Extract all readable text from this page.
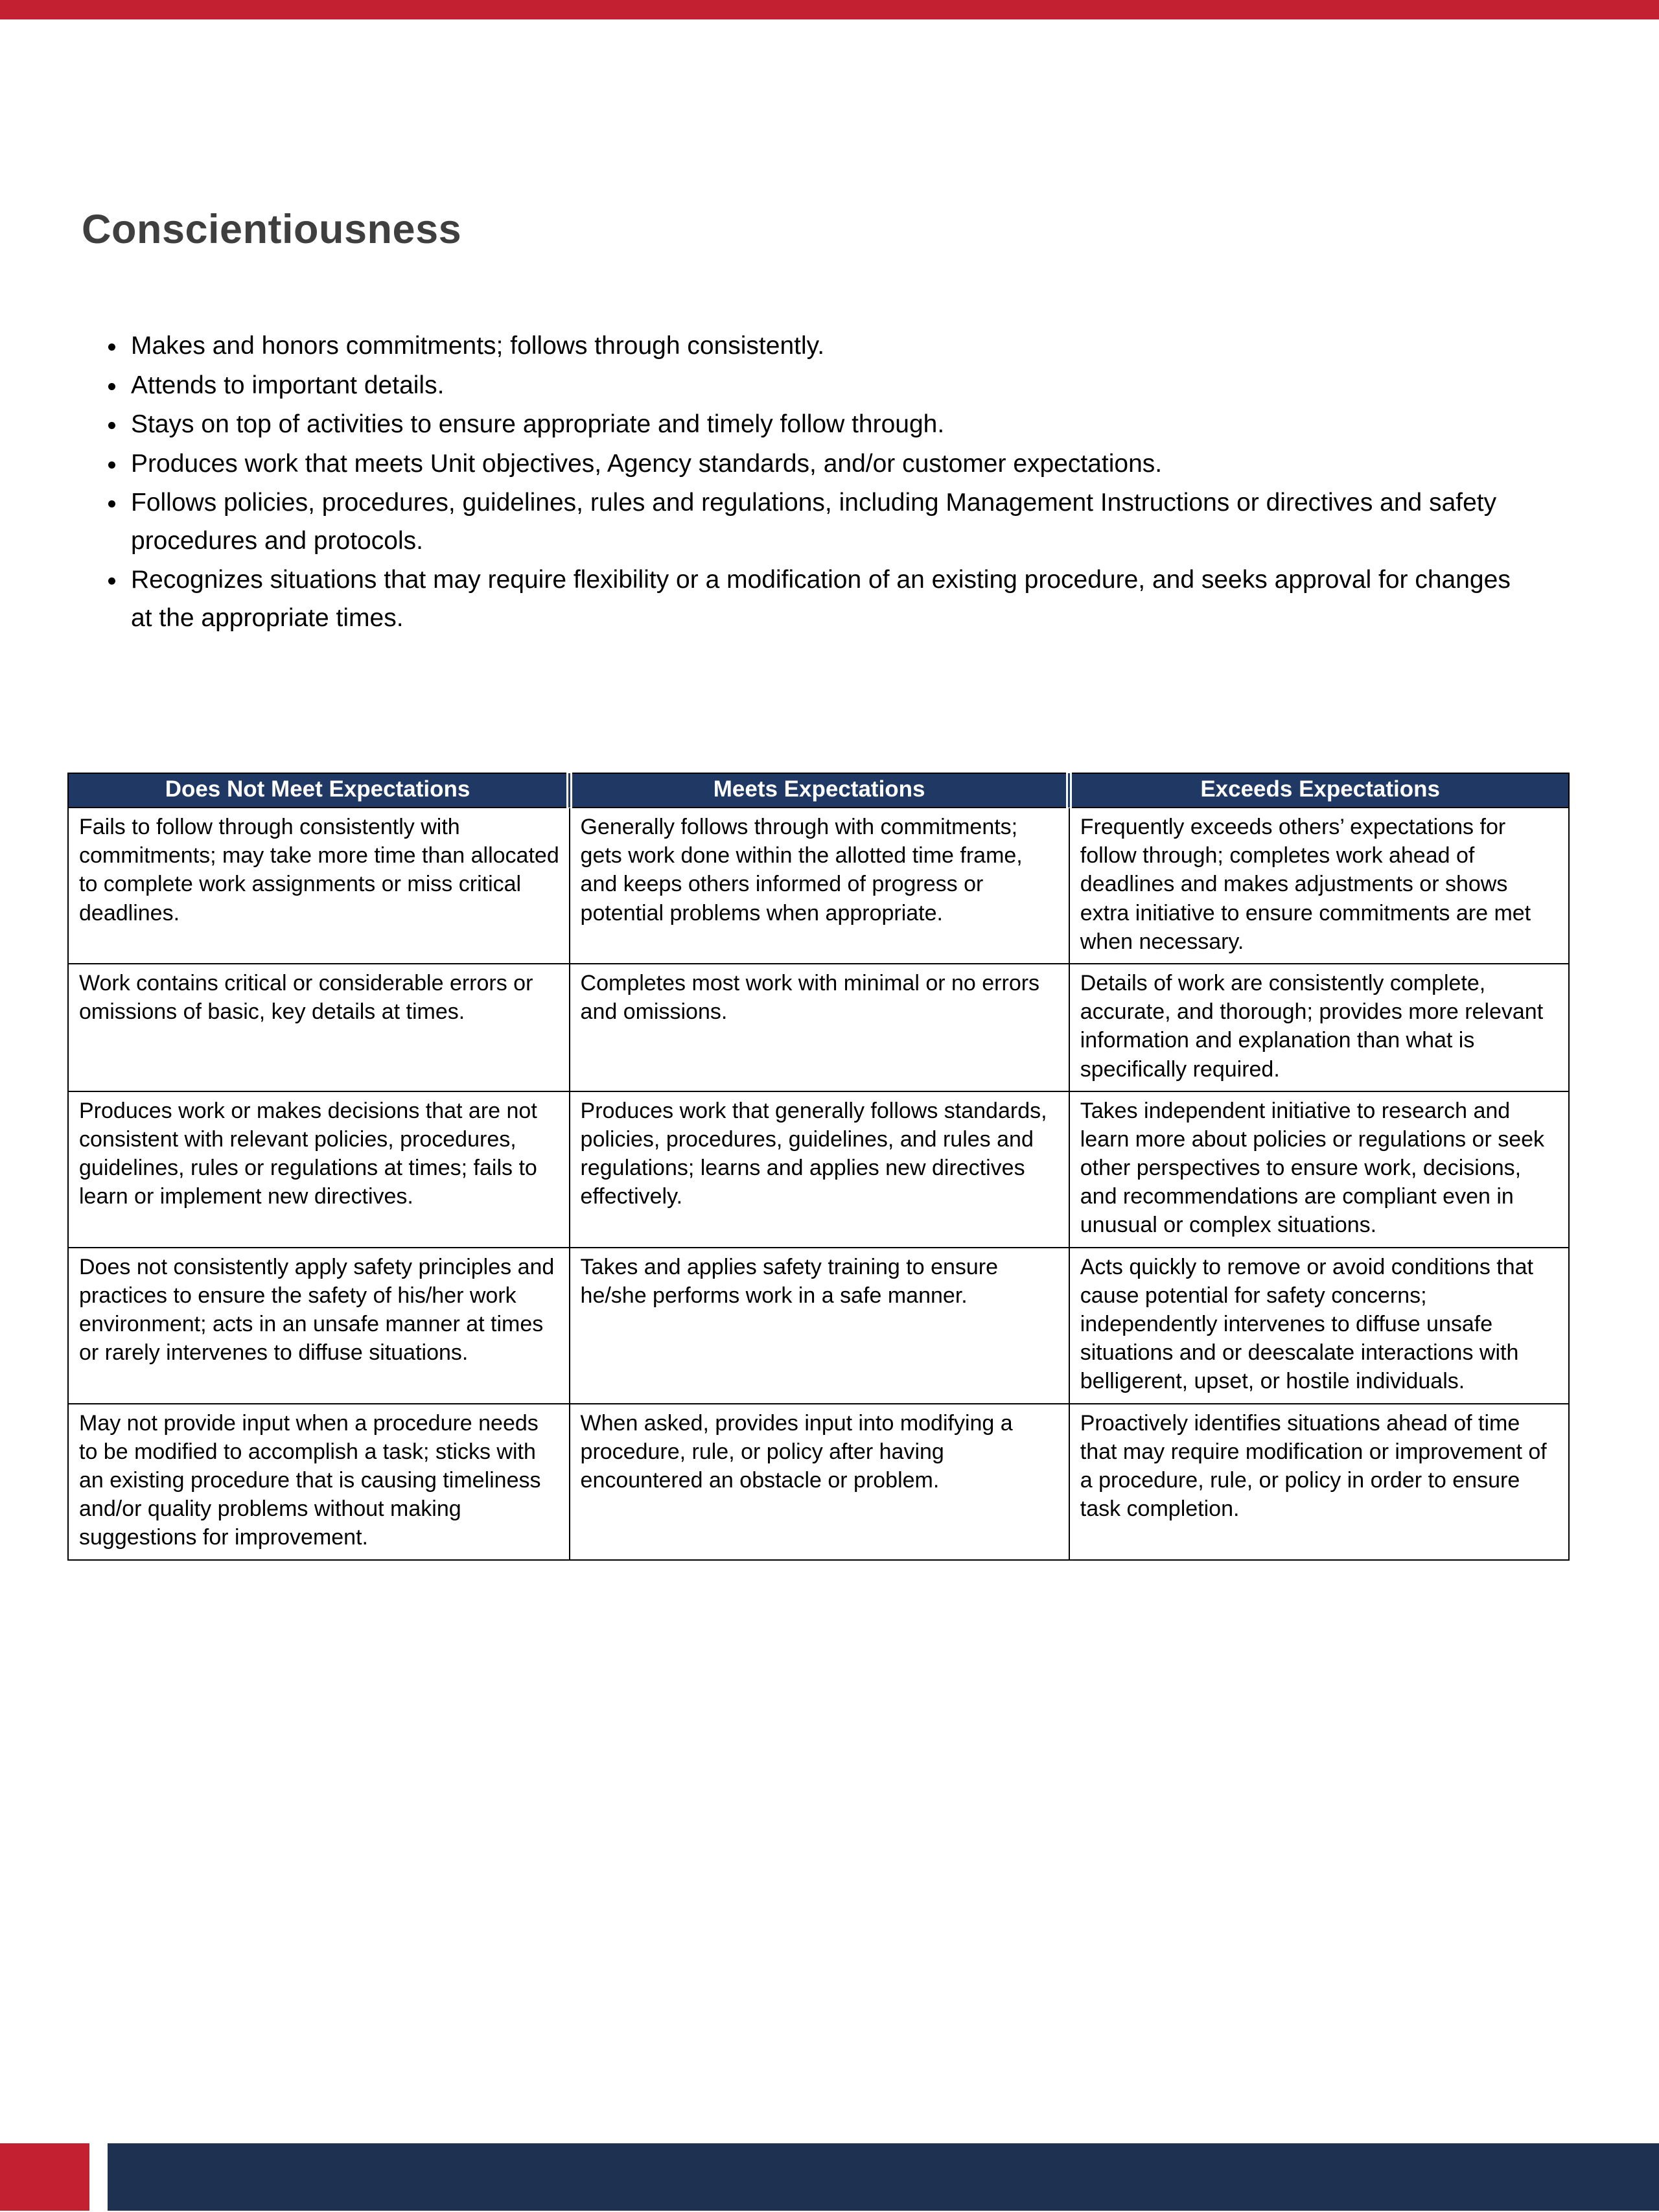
Conscientiousness
• Makes and honors commitments; follows through consistently.
• Attends to important details.
• Stays on top of activities to ensure appropriate and timely follow through.
• Produces work that meets Unit objectives, Agency standards, and/or customer expectations.
• Follows policies, procedures, guidelines, rules and regulations, including Management Instructions or directives and safety procedures and protocols.
• Recognizes situations that may require flexibility or a modification of an existing procedure, and seeks approval for changes at the appropriate times.
Does Not Meet Expectations	Meets Expectations	Exceeds Expectations
Fails to follow through consistently with commitments; may take more time than allocated to complete work assignments or miss critical deadlines.	Generally follows through with commitments; gets work done within the allotted time frame, and keeps others informed of progress or potential problems when appropriate.	Frequently exceeds others’ expectations for follow through; completes work ahead of deadlines and makes adjustments or shows extra initiative to ensure commitments are met when necessary.
Work contains critical or considerable errors or omissions of basic, key details at times.	Completes most work with minimal or no errors and omissions.	Details of work are consistently complete, accurate, and thorough; provides more relevant information and explanation than what is specifically required.
Produces work or makes decisions that are not consistent with relevant policies, procedures, guidelines, rules or regulations at times; fails to learn or implement new directives.	Produces work that generally follows standards, policies, procedures, guidelines, and rules and regulations; learns and applies new directives effectively.	Takes independent initiative to research and learn more about policies or regulations or seek other perspectives to ensure work, decisions, and recommendations are compliant even in unusual or complex situations.
Does not consistently apply safety principles and practices to ensure the safety of his/her work environment; acts in an unsafe manner at times or rarely intervenes to diffuse situations.	Takes and applies safety training to ensure he/she performs work in a safe manner.	Acts quickly to remove or avoid conditions that cause potential for safety concerns; independently intervenes to diffuse unsafe situations and or deescalate interactions with belligerent, upset, or hostile individuals.
May not provide input when a procedure needs to be modified to accomplish a task; sticks with an existing procedure that is causing timeliness and/or quality problems without making suggestions for improvement.	When asked, provides input into modifying a procedure, rule, or policy after having encountered an obstacle or problem.	Proactively identifies situations ahead of time that may require modification or improvement of a procedure, rule, or policy in order to ensure task completion.
